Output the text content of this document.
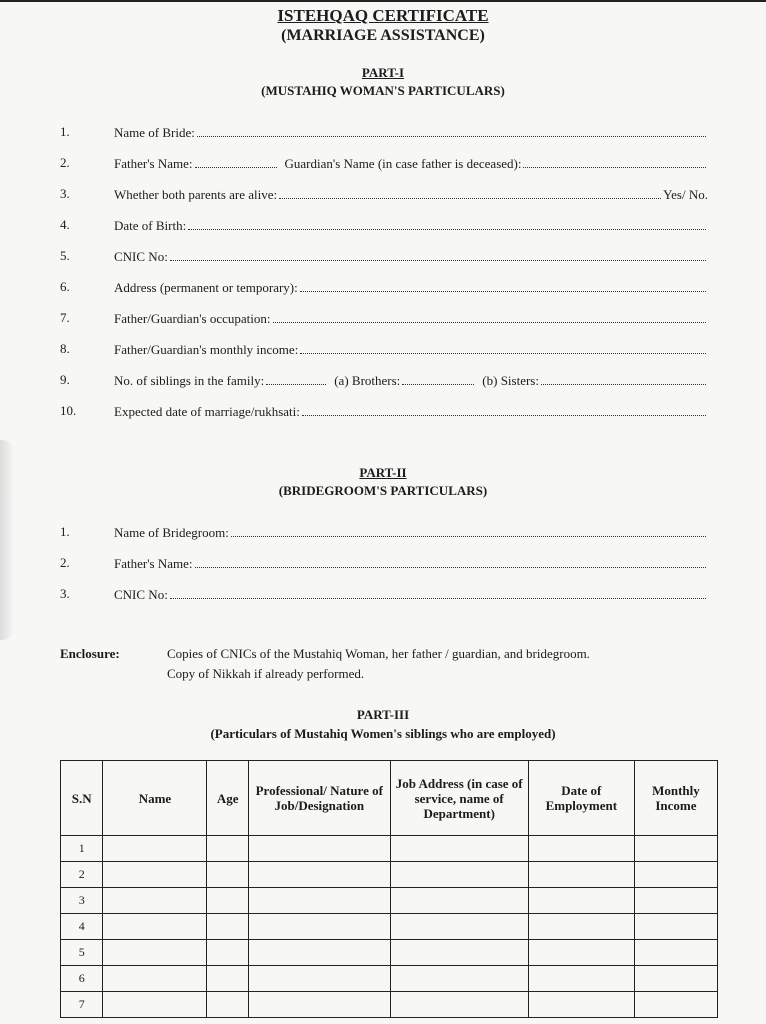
ISTEHQAQ CERTIFICATE
(MARRIAGE ASSISTANCE)
PART-I
(MUSTAHIQ WOMAN'S PARTICULARS)
1.	Name of Bride:
2.	Father's Name:	Guardian's Name (in case father is deceased):
3.	Whether both parents are alive:	Yes/ No.
4.	Date of Birth:
5.	CNIC No:
6.	Address (permanent or temporary):
7.	Father/Guardian's occupation:
8.	Father/Guardian's monthly income:
9.	No. of siblings in the family:	(a) Brothers:	(b) Sisters:
10.	Expected date of marriage/rukhsati:
PART-II
(BRIDEGROOM'S PARTICULARS)
1.	Name of Bridegroom:
2.	Father's Name:
3.	CNIC No:
Enclosure:	Copies of CNICs of the Mustahiq Woman, her father / guardian, and bridegroom.
Copy of Nikkah if already performed.
PART-III
(Particulars of Mustahiq Women's siblings who are employed)
S.N	Name	Age	Professional/ Nature of Job/Designation	Job Address (in case of service, name of Department)	Date of Employment	Monthly Income
1						
2						
3						
4						
5						
6						
7						
